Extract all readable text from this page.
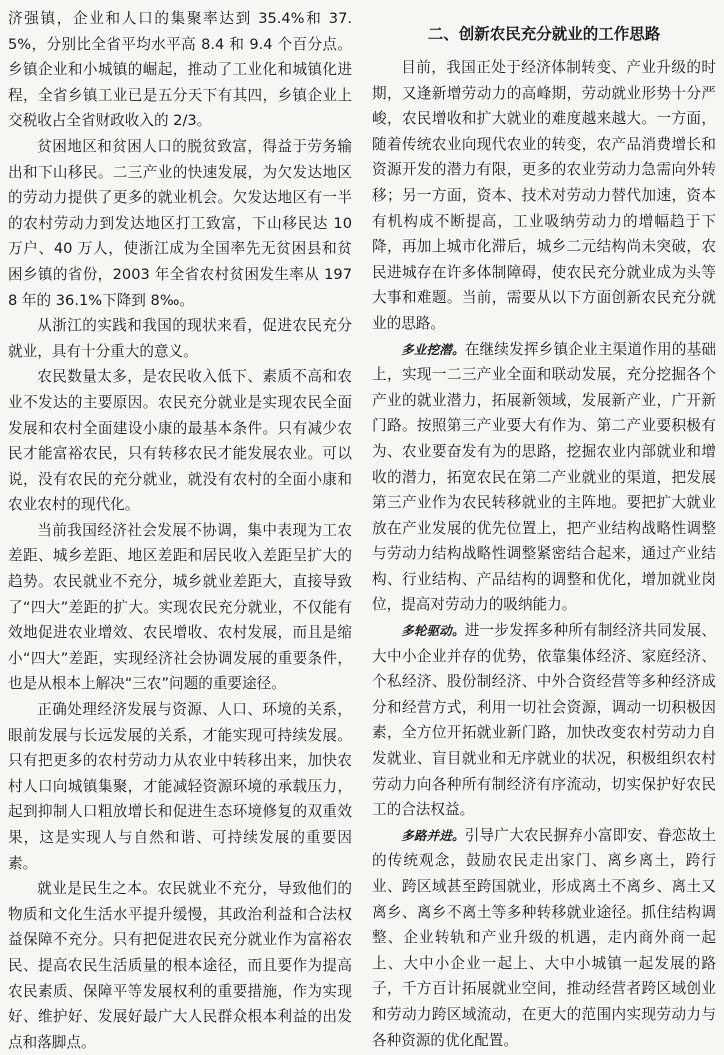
济强镇，企业和人口的集聚率达到 35.4%和 37.5%，分别比全省平均水平高 8.4 和 9.4 个百分点。乡镇企业和小城镇的崛起，推动了工业化和城镇化进程，全省乡镇工业已是五分天下有其四，乡镇企业上交税收占全省财政收入的 2/3。

贫困地区和贫困人口的脱贫致富，得益于劳务输出和下山移民。二三产业的快速发展，为欠发达地区的劳动力提供了更多的就业机会。欠发达地区有一半的农村劳动力到发达地区打工致富，下山移民达 10 万户、40 万人，使浙江成为全国率先无贫困县和贫困乡镇的省份，2003 年全省农村贫困发生率从 1978 年的 36.1%下降到 8‰。

从浙江的实践和我国的现状来看，促进农民充分就业，具有十分重大的意义。

农民数量太多，是农民收入低下、素质不高和农业不发达的主要原因。农民充分就业是实现农民全面发展和农村全面建设小康的最基本条件。只有减少农民才能富裕农民，只有转移农民才能发展农业。可以说，没有农民的充分就业，就没有农村的全面小康和农业农村的现代化。

当前我国经济社会发展不协调，集中表现为工农差距、城乡差距、地区差距和居民收入差距呈扩大的趋势。农民就业不充分，城乡就业差距大，直接导致了“四大”差距的扩大。实现农民充分就业，不仅能有效地促进农业增效、农民增收、农村发展，而且是缩小“四大”差距，实现经济社会协调发展的重要条件，也是从根本上解决“三农”问题的重要途径。

正确处理经济发展与资源、人口、环境的关系，眼前发展与长远发展的关系，才能实现可持续发展。只有把更多的农村劳动力从农业中转移出来，加快农村人口向城镇集聚，才能减轻资源环境的承载压力，起到抑制人口粗放增长和促进生态环境修复的双重效果，这是实现人与自然和谐、可持续发展的重要因素。

就业是民生之本。农民就业不充分，导致他们的物质和文化生活水平提升缓慢，其政治利益和合法权益保障不充分。只有把促进农民充分就业作为富裕农民、提高农民生活质量的根本途径，而且要作为提高农民素质、保障平等发展权利的重要措施，作为实现好、维护好、发展好最广大人民群众根本利益的出发点和落脚点。

二、创新农民充分就业的工作思路

目前，我国正处于经济体制转变、产业升级的时期，又逢新增劳动力的高峰期，劳动就业形势十分严峻，农民增收和扩大就业的难度越来越大。一方面，随着传统农业向现代农业的转变，农产品消费增长和资源开发的潜力有限，更多的农业劳动力急需向外转移；另一方面，资本、技术对劳动力替代加速，资本有机构成不断提高，工业吸纳劳动力的增幅趋于下降，再加上城市化滞后，城乡二元结构尚未突破，农民进城存在许多体制障碍，使农民充分就业成为头等大事和难题。当前，需要从以下方面创新农民充分就业的思路。

多业挖潜。在继续发挥乡镇企业主渠道作用的基础上，实现一二三产业全面和联动发展，充分挖掘各个产业的就业潜力，拓展新领域，发展新产业，广开新门路。按照第三产业要大有作为、第二产业要积极有为、农业要奋发有为的思路，挖掘农业内部就业和增收的潜力，拓宽农民在第二产业就业的渠道，把发展第三产业作为农民转移就业的主阵地。要把扩大就业放在产业发展的优先位置上，把产业结构战略性调整与劳动力结构战略性调整紧密结合起来，通过产业结构、行业结构、产品结构的调整和优化，增加就业岗位，提高对劳动力的吸纳能力。

多轮驱动。进一步发挥多种所有制经济共同发展、大中小企业并存的优势，依靠集体经济、家庭经济、个私经济、股份制经济、中外合资经营等多种经济成分和经营方式，利用一切社会资源，调动一切积极因素，全方位开拓就业新门路，加快改变农村劳动力自发就业、盲目就业和无序就业的状况，积极组织农村劳动力向各种所有制经济有序流动，切实保护好农民工的合法权益。

多路并进。引导广大农民摒弃小富即安、眷恋故土的传统观念，鼓励农民走出家门、离乡离土，跨行业、跨区域甚至跨国就业，形成离土不离乡、离土又离乡、离乡不离土等多种转移就业途径。抓住结构调整、企业转轨和产业升级的机遇，走内商外商一起上、大中小企业一起上、大中小城镇一起发展的路子，千方百计拓展就业空间，推动经营者跨区域创业和劳动力跨区域流动，在更大的范围内实现劳动力与各种资源的优化配置。
